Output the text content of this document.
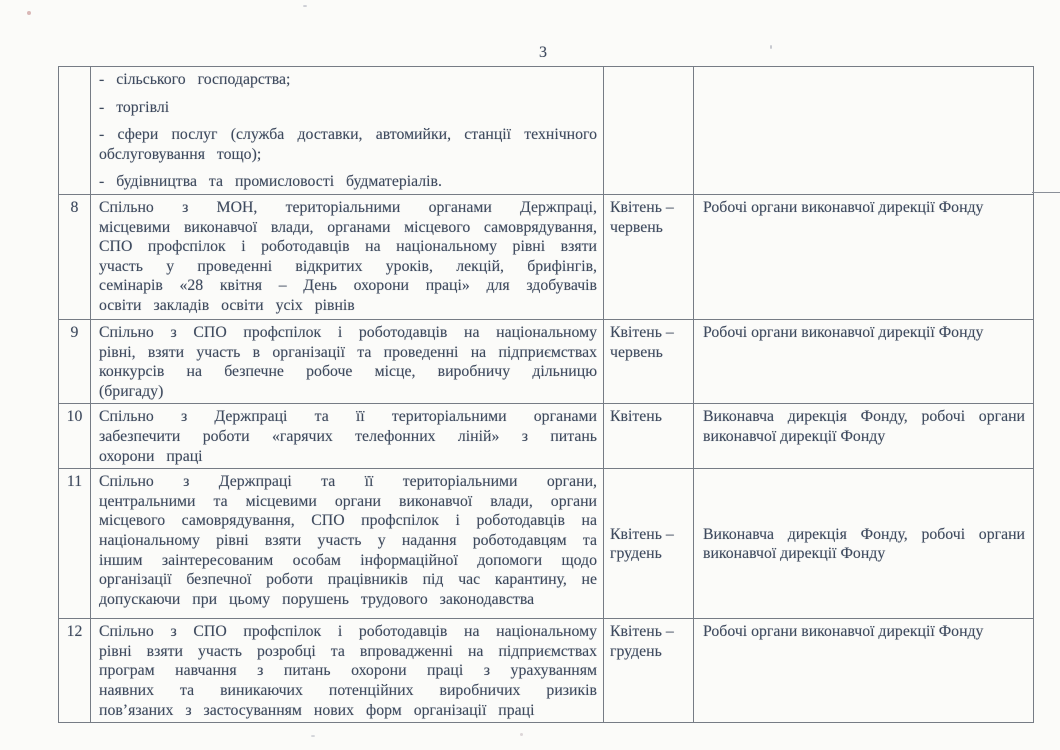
3

	- сільського господарства;

- торгівлі

- сфери послуг (служба доставки, автомийки, станції технічного обслуговування тощо);

- будівництва та промисловості будматеріалів.		

8	Спільно з МОН, територіальними органами Держпраці, місцевими виконавчої влади, органами місцевого самоврядування, СПО профспілок і роботодавців на національному рівні взяти участь у проведенні відкритих уроків, лекцій, брифінгів, семінарів «28 квітня – День охорони праці» для здобувачів освіти закладів освіти усіх рівнів	Квітень – червень	Робочі органи виконавчої дирекції Фонду
9	Спільно з СПО профспілок і роботодавців на національному рівні, взяти участь в організації та проведенні на підприємствах конкурсів на безпечне робоче місце, виробничу дільницю (бригаду)	Квітень – червень	Робочі органи виконавчої дирекції Фонду
10	Спільно з Держпраці та її територіальними органами забезпечити роботи «гарячих телефонних ліній» з питань охорони праці	Квітень	Виконавча дирекція Фонду, робочі органи виконавчої дирекції Фонду
11	Спільно з Держпраці та її територіальними органи, центральними та місцевими органи виконавчої влади, органи місцевого самоврядування, СПО профспілок і роботодавців на національному рівні взяти участь у надання роботодавцям та іншим заінтересованим особам інформаційної допомоги щодо організації безпечної роботи працівників під час карантину, не допускаючи при цьому порушень трудового законодавства	Квітень – грудень	Виконавча дирекція Фонду, робочі органи виконавчої дирекції Фонду
12	Спільно з СПО профспілок і роботодавців на національному рівні взяти участь розробці та впровадженні на підприємствах програм навчання з питань охорони праці з урахуванням наявних та виникаючих потенційних виробничих ризиків пов’язаних з застосуванням нових форм організації праці	Квітень – грудень	Робочі органи виконавчої дирекції Фонду
